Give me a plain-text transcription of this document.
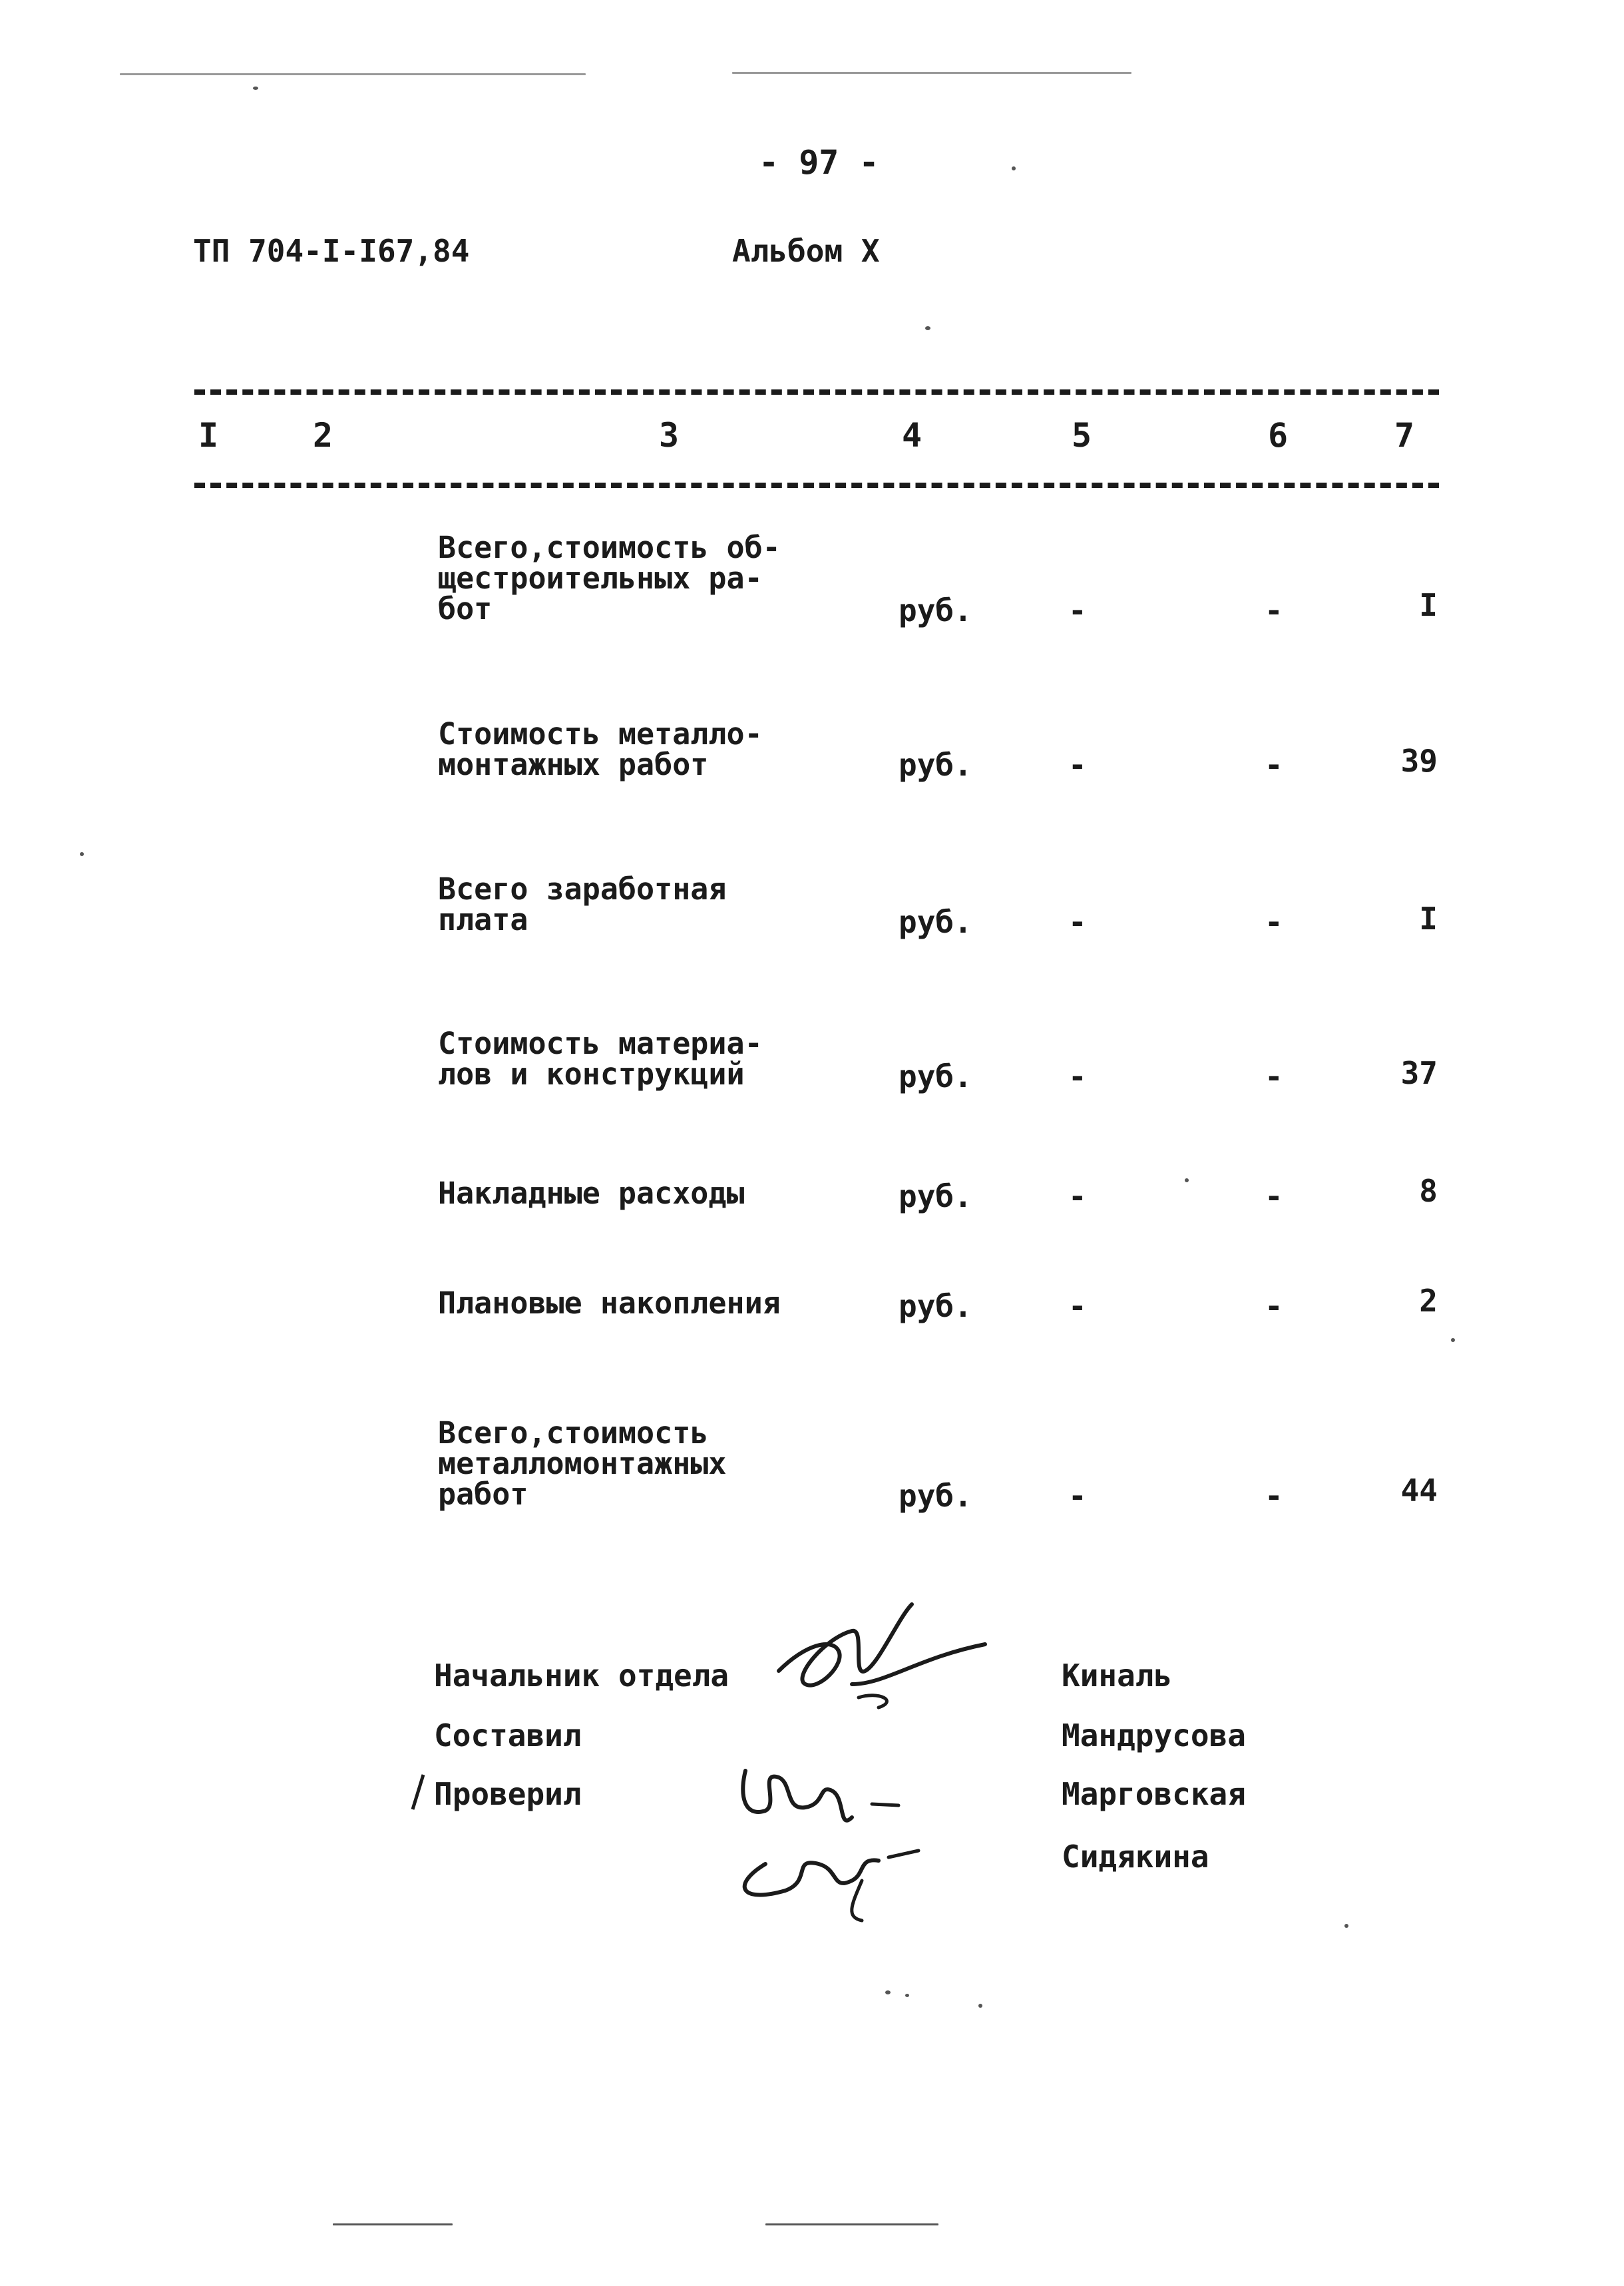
- 97 -
ТП 704-I-I67,84	Альбом X
I	2	3	4	5	6	7
Всего,стоимость об-
щестроительных ра-
бот	руб.	-	-	I
Стоимость металло-
монтажных работ	руб.	-	-	39
Всего заработная
плата	руб.	-	-	I
Стоимость материа-
лов и конструкций	руб.	-	-	37
Накладные расходы	руб.	-	-	8
Плановые накопления	руб.	-	-	2
Всего,стоимость
металломонтажных
работ	руб.	-	-	44
Начальник отдела	Киналь
Составил	Мандрусова
Проверил	Марговская
Сидякина
